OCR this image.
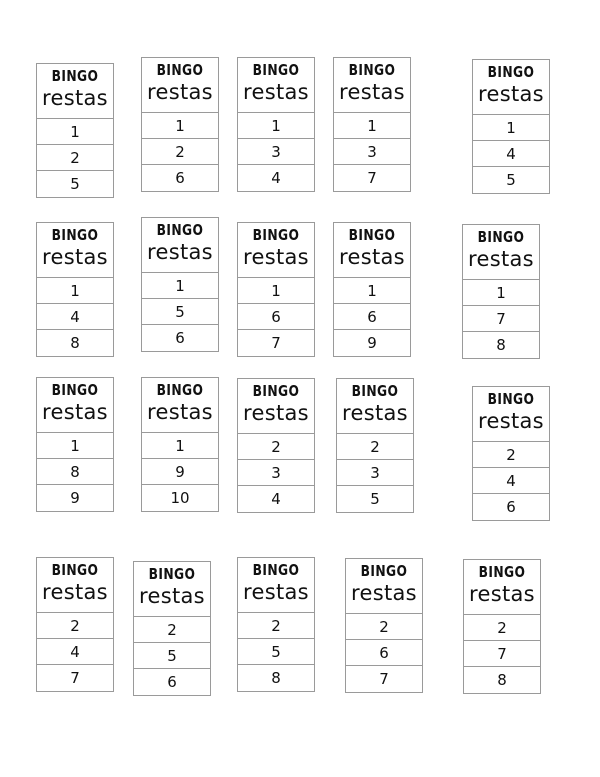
BINGO
restas
1
2
5
BINGO
restas
1
2
6
BINGO
restas
1
3
4
BINGO
restas
1
3
7
BINGO
restas
1
4
5
BINGO
restas
1
4
8
BINGO
restas
1
5
6
BINGO
restas
1
6
7
BINGO
restas
1
6
9
BINGO
restas
1
7
8
BINGO
restas
1
8
9
BINGO
restas
1
9
10
BINGO
restas
2
3
4
BINGO
restas
2
3
5
BINGO
restas
2
4
6
BINGO
restas
2
4
7
BINGO
restas
2
5
6
BINGO
restas
2
5
8
BINGO
restas
2
6
7
BINGO
restas
2
7
8
